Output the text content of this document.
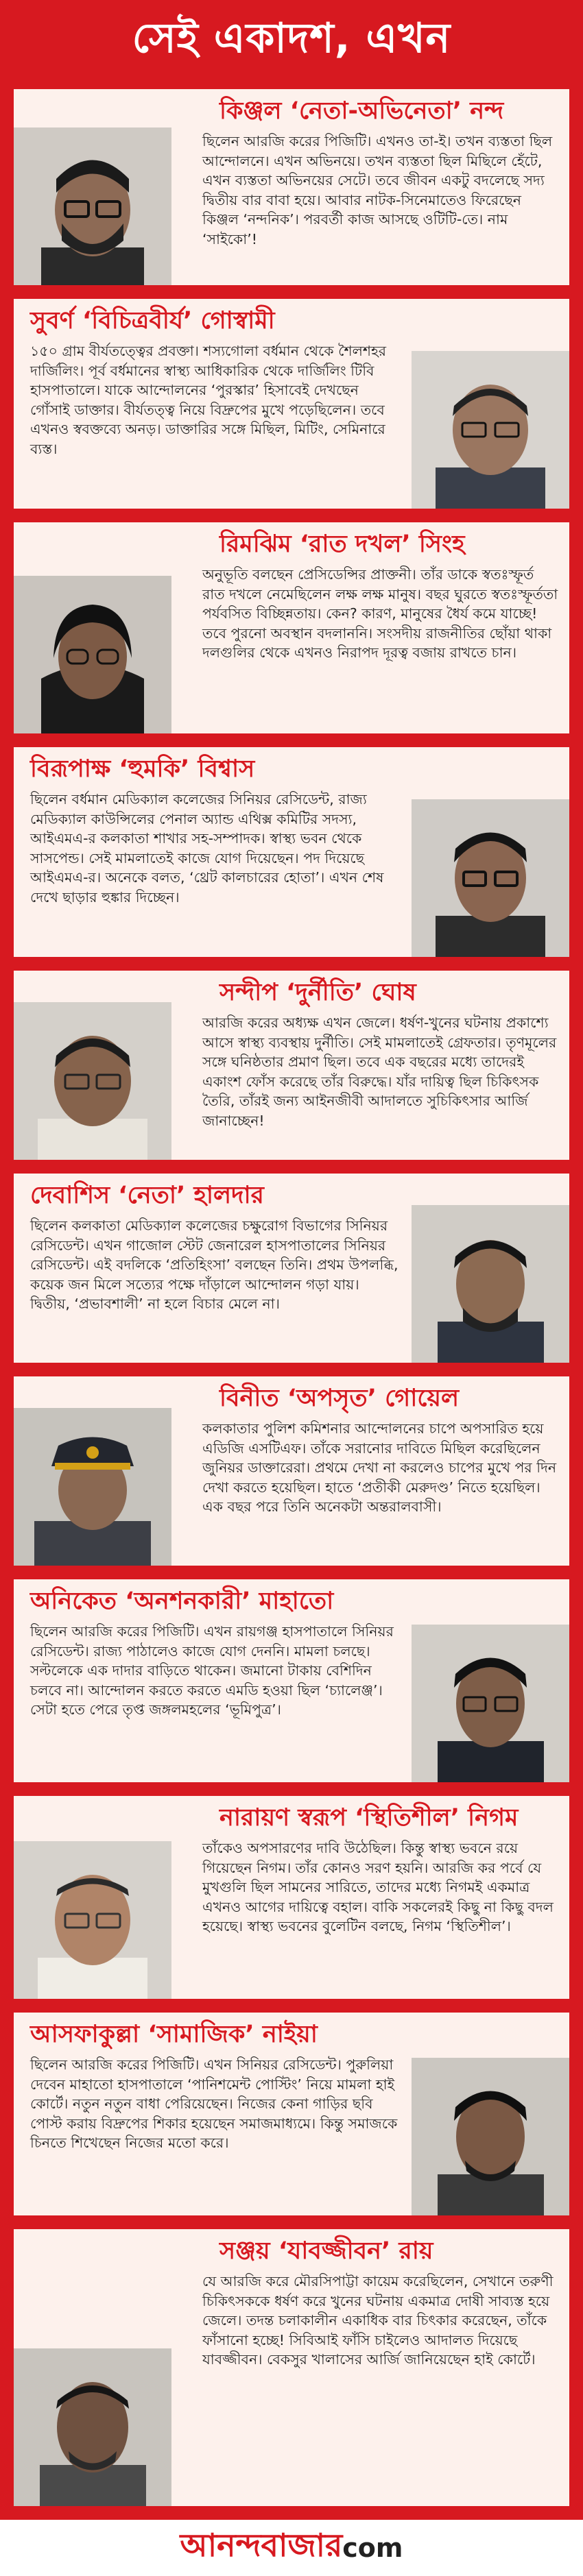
সেই একাদশ, এখন
কিঞ্জল ‘নেতা-অভিনেতা’ নন্দ
ছিলেন আরজি করের পিজিটি। এখনও তা-ই। তখন ব্যস্ততা ছিল আন্দোলনে। এখন অভিনয়ে। তখন ব্যস্ততা ছিল মিছিলে হেঁটে, এখন ব্যস্ততা অভিনয়ের সেটে। তবে জীবন একটু বদলেছে সদ্য দ্বিতীয় বার বাবা হয়ে। আবার নাটক-সিনেমাতেও ফিরেছেন কিঞ্জল ‘নন্দনিক’। পরবর্তী কাজ আসছে ওটিটি-তে। নাম ‘সাইকো’!
সুবর্ণ ‘বিচিত্রবীর্য’ গোস্বামী
১৫০ গ্রাম বীর্যতত্ত্বের প্রবক্তা। শস্যগোলা বর্ধমান থেকে শৈলশহর দার্জিলিং। পূর্ব বর্ধমানের স্বাস্থ্য আধিকারিক থেকে দার্জিলিং টিবি হাসপাতালে। যাকে আন্দোলনের ‘পুরস্কার’ হিসাবেই দেখছেন গোঁসাই ডাক্তার। বীর্যতত্ত্ব নিয়ে বিদ্রুপের মুখে পড়েছিলেন। তবে এখনও স্ববক্তব্যে অনড়। ডাক্তারির সঙ্গে মিছিল, মিটিং, সেমিনারে ব্যস্ত।
রিমঝিম ‘রাত দখল’ সিংহ
অনুভূতি বলছেন প্রেসিডেন্সির প্রাক্তনী। তাঁর ডাকে স্বতঃস্ফূর্ত রাত দখলে নেমেছিলেন লক্ষ লক্ষ মানুষ। বছর ঘুরতে স্বতঃস্ফূর্ততা পর্যবসিত বিচ্ছিন্নতায়। কেন? কারণ, মানুষের ধৈর্য কমে যাচ্ছে! তবে পুরনো অবস্থান বদলাননি। সংসদীয় রাজনীতির ছোঁয়া থাকা দলগুলির থেকে এখনও নিরাপদ দূরত্ব বজায় রাখতে চান।
বিরূপাক্ষ ‘হুমকি’ বিশ্বাস
ছিলেন বর্ধমান মেডিক্যাল কলেজের সিনিয়র রেসিডেন্ট, রাজ্য মেডিক্যাল কাউন্সিলের পেনাল অ্যান্ড এথিক্স কমিটির সদস্য, আইএমএ-র কলকাতা শাখার সহ-সম্পাদক। স্বাস্থ্য ভবন থেকে সাসপেন্ড। সেই মামলাতেই কাজে যোগ দিয়েছেন। পদ দিয়েছে আইএমএ-র। অনেকে বলত, ‘থ্রেট কালচারের হোতা’। এখন শেষ দেখে ছাড়ার হুঙ্কার দিচ্ছেন।
সন্দীপ ‘দুর্নীতি’ ঘোষ
আরজি করের অধ্যক্ষ এখন জেলে। ধর্ষণ-খুনের ঘটনায় প্রকাশ্যে আসে স্বাস্থ্য ব্যবস্থায় দুর্নীতি। সেই মামলাতেই গ্রেফতার। তৃণমূলের সঙ্গে ঘনিষ্ঠতার প্রমাণ ছিল। তবে এক বছরের মধ্যে তাদেরই একাংশ ফোঁস করেছে তাঁর বিরুদ্ধে। যাঁর দায়িত্ব ছিল চিকিৎসক তৈরি, তাঁরই জন্য আইনজীবী আদালতে সুচিকিৎসার আর্জি জানাচ্ছেন!
দেবাশিস ‘নেতা’ হালদার
ছিলেন কলকাতা মেডিক্যাল কলেজের চক্ষুরোগ বিভাগের সিনিয়র রেসিডেন্ট। এখন গাজোল স্টেট জেনারেল হাসপাতালের সিনিয়র রেসিডেন্ট। এই বদলিকে ‘প্রতিহিংসা’ বলছেন তিনি। প্রথম উপলব্ধি, কয়েক জন মিলে সত্যের পক্ষে দাঁড়ালে আন্দোলন গড়া যায়। দ্বিতীয়, ‘প্রভাবশালী’ না হলে বিচার মেলে না।
বিনীত ‘অপসৃত’ গোয়েল
কলকাতার পুলিশ কমিশনার আন্দোলনের চাপে অপসারিত হয়ে এডিজি এসটিএফ। তাঁকে সরানোর দাবিতে মিছিল করেছিলেন জুনিয়র ডাক্তারেরা। প্রথমে দেখা না করলেও চাপের মুখে পর দিন দেখা করতে হয়েছিল। হাতে ‘প্রতীকী মেরুদণ্ড’ নিতে হয়েছিল। এক বছর পরে তিনি অনেকটা অন্তরালবাসী।
অনিকেত ‘অনশনকারী’ মাহাতো
ছিলেন আরজি করের পিজিটি। এখন রায়গঞ্জ হাসপাতালে সিনিয়র রেসিডেন্ট। রাজ্য পাঠালেও কাজে যোগ দেননি। মামলা চলছে। সল্টলেকে এক দাদার বাড়িতে থাকেন। জমানো টাকায় বেশিদিন চলবে না। আন্দোলন করতে করতে এমডি হওয়া ছিল ‘চ্যালেঞ্জ’। সেটা হতে পেরে তৃপ্ত জঙ্গলমহলের ‘ভূমিপুত্র’।
নারায়ণ স্বরূপ ‘স্থিতিশীল’ নিগম
তাঁকেও অপসারণের দাবি উঠেছিল। কিন্তু স্বাস্থ্য ভবনে রয়ে গিয়েছেন নিগম। তাঁর কোনও সরণ হয়নি। আরজি কর পর্বে যে মুখগুলি ছিল সামনের সারিতে, তাদের মধ্যে নিগমই একমাত্র এখনও আগের দায়িত্বে বহাল। বাকি সকলেরই কিছু না কিছু বদল হয়েছে। স্বাস্থ্য ভবনের বুলেটিন বলছে, নিগম ‘স্থিতিশীল’।
আসফাকুল্লা ‘সামাজিক’ নাইয়া
ছিলেন আরজি করের পিজিটি। এখন সিনিয়র রেসিডেন্ট। পুরুলিয়া দেবেন মাহাতো হাসপাতালে ‘পানিশমেন্ট পোস্টিং’ নিয়ে মামলা হাই কোর্টে। নতুন নতুন বাধা পেরিয়েছেন। নিজের কেনা গাড়ির ছবি পোস্ট করায় বিদ্রুপের শিকার হয়েছেন সমাজমাধ্যমে। কিন্তু সমাজকে চিনতে শিখেছেন নিজের মতো করে।
সঞ্জয় ‘যাবজ্জীবন’ রায়
যে আরজি করে মৌরসিপাট্টা কায়েম করেছিলেন, সেখানে তরুণী চিকিৎসককে ধর্ষণ করে খুনের ঘটনায় একমাত্র দোষী সাব্যস্ত হয়ে জেলে। তদন্ত চলাকালীন একাধিক বার চিৎকার করেছেন, তাঁকে ফাঁসানো হচ্ছে! সিবিআই ফাঁসি চাইলেও আদালত দিয়েছে যাবজ্জীবন। বেকসুর খালাসের আর্জি জানিয়েছেন হাই কোর্টে।
আনন্দবাজার com
